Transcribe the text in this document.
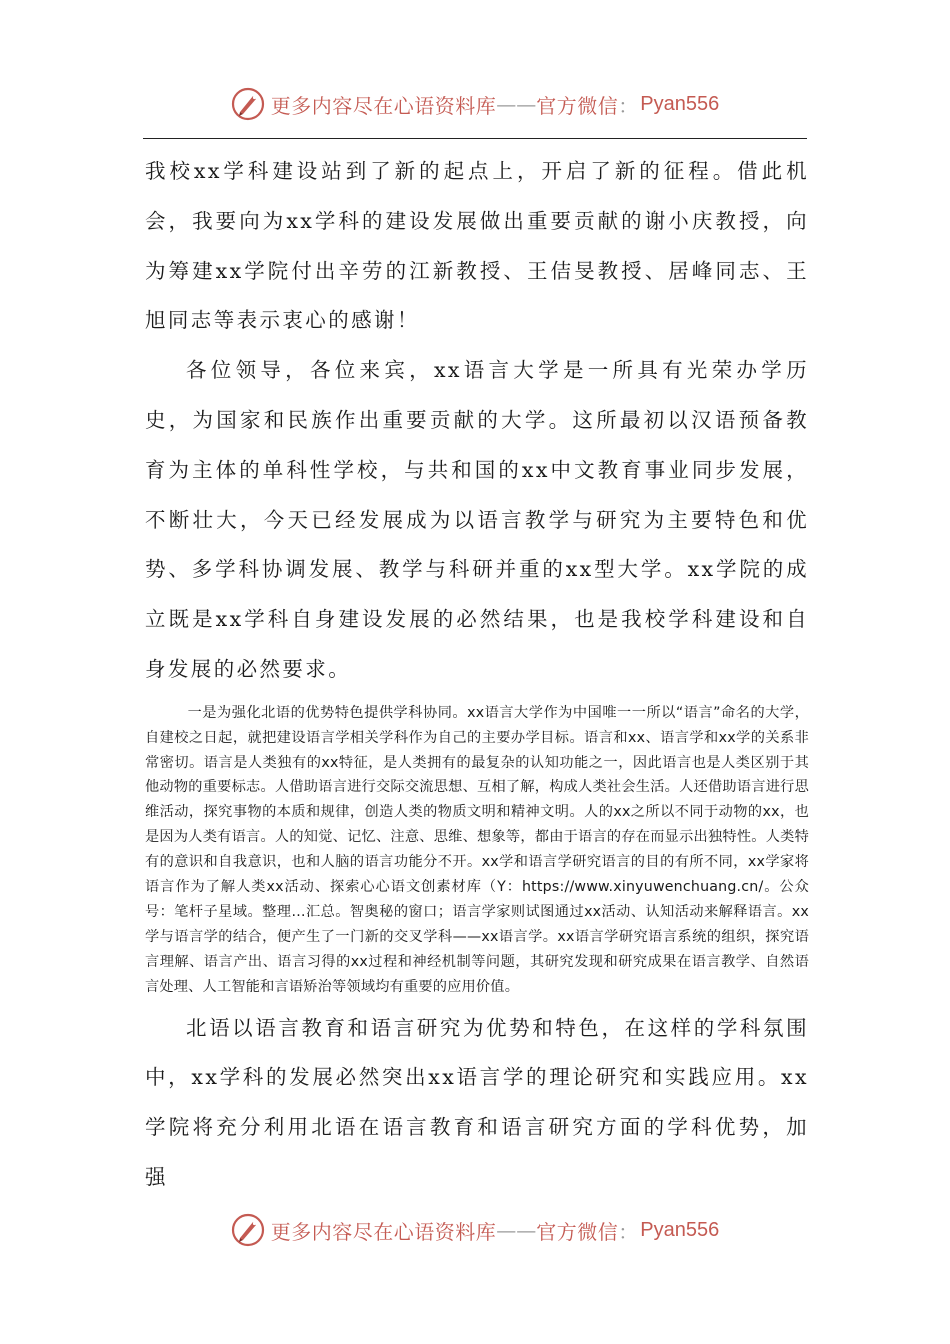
更多内容尽在心语资料库 —— 官方微信 ： Pyan556

我校xx学科建设站到了新的起点上，开启了新的征程。借此机会，我要向为xx学科的建设发展做出重要贡献的谢小庆教授，向为筹建xx学院付出辛劳的江新教授、王佶旻教授、居峰同志、王旭同志等表示衷心的感谢！

各位领导，各位来宾，xx语言大学是一所具有光荣办学历史，为国家和民族作出重要贡献的大学。这所最初以汉语预备教育为主体的单科性学校，与共和国的xx中文教育事业同步发展，不断壮大，今天已经发展成为以语言教学与研究为主要特色和优势、多学科协调发展、教学与科研并重的xx型大学。xx学院的成立既是xx学科自身建设发展的必然结果，也是我校学科建设和自身发展的必然要求。

一是为强化北语的优势特色提供学科协同。xx语言大学作为中国唯一一所以“语言”命名的大学，自建校之日起，就把建设语言学相关学科作为自己的主要办学目标。语言和xx、语言学和xx学的关系非常密切。语言是人类独有的xx特征，是人类拥有的最复杂的认知功能之一，因此语言也是人类区别于其他动物的重要标志。人借助语言进行交际交流思想、互相了解，构成人类社会生活。人还借助语言进行思维活动，探究事物的本质和规律，创造人类的物质文明和精神文明。人的xx之所以不同于动物的xx，也是因为人类有语言。人的知觉、记忆、注意、思维、想象等，都由于语言的存在而显示出独特性。人类特有的意识和自我意识，也和人脑的语言功能分不开。xx学和语言学研究语言的目的有所不同，xx学家将语言作为了解人类xx活动、探索心心语文创素材库（Y：https://www.xinyuwenchuang.cn/。公众号：笔杆子星域。整理…汇总。智奥秘的窗口；语言学家则试图通过xx活动、认知活动来解释语言。xx学与语言学的结合，便产生了一门新的交叉学科——xx语言学。xx语言学研究语言系统的组织，探究语言理解、语言产出、语言习得的xx过程和神经机制等问题，其研究发现和研究成果在语言教学、自然语言处理、人工智能和言语矫治等领域均有重要的应用价值。

北语以语言教育和语言研究为优势和特色，在这样的学科氛围中，xx学科的发展必然突出xx语言学的理论研究和实践应用。xx学院将充分利用北语在语言教育和语言研究方面的学科优势，加强

更多内容尽在心语资料库 —— 官方微信 ： Pyan556
